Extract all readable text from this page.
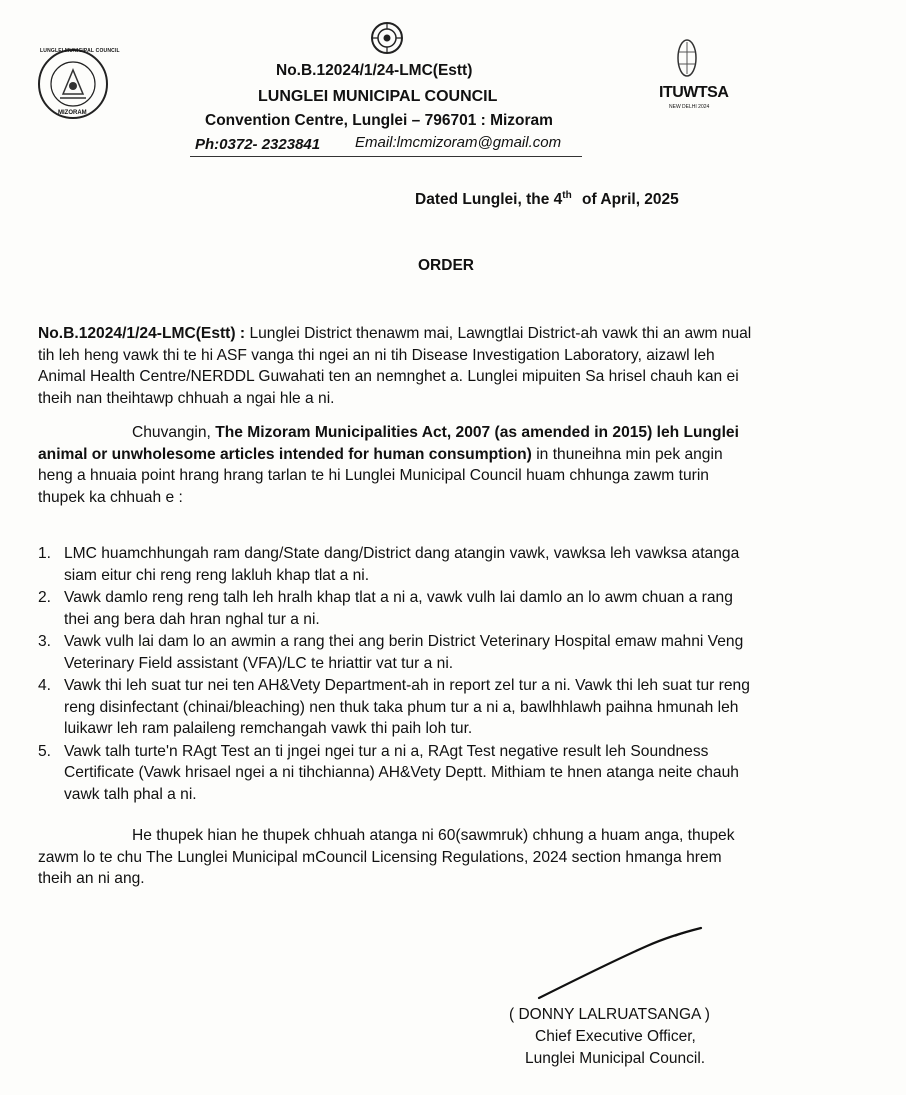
LUNGLEI MUNICIPAL COUNCIL
MIZORAM
ITUWTSA
NEW DELHI 2024
No.B.12024/1/24-LMC(Estt)
LUNGLEI MUNICIPAL COUNCIL
Convention Centre, Lunglei – 796701 : Mizoram
Ph:0372- 2323841 Email:lmcmizoram@gmail.com
Dated Lunglei, the 4th of April, 2025
ORDER
No.B.12024/1/24-LMC(Estt) : Lunglei District thenawm mai, Lawngtlai District-ah vawk thi an awm nual
tih leh heng vawk thi te hi ASF vanga thi ngei an ni tih Disease Investigation Laboratory, aizawl leh
Animal Health Centre/NERDDL Guwahati ten an nemnghet a. Lunglei mipuiten Sa hrisel chauh kan ei
theih nan theihtawp chhuah a ngai hle a ni.
Chuvangin, The Mizoram Municipalities Act, 2007 (as amended in 2015) leh Lunglei
animal or unwholesome articles intended for human consumption) in thuneihna min pek angin
heng a hnuaia point hrang hrang tarlan te hi Lunglei Municipal Council huam chhunga zawm turin
thupek ka chhuah e :
1. LMC huamchhungah ram dang/State dang/District dang atangin vawk, vawksa leh vawksa atanga
siam eitur chi reng reng lakluh khap tlat a ni.
2. Vawk damlo reng reng talh leh hralh khap tlat a ni a, vawk vulh lai damlo an lo awm chuan a rang
thei ang bera dah hran nghal tur a ni.
3. Vawk vulh lai dam lo an awmin a rang thei ang berin District Veterinary Hospital emaw mahni Veng
Veterinary Field assistant (VFA)/LC te hriattir vat tur a ni.
4. Vawk thi leh suat tur nei ten AH&Vety Department-ah in report zel tur a ni. Vawk thi leh suat tur reng
reng disinfectant (chinai/bleaching) nen thuk taka phum tur a ni a, bawlhhlawh paihna hmunah leh
luikawr leh ram palaileng remchangah vawk thi paih loh tur.
5. Vawk talh turte'n RAgt Test an ti jngei ngei tur a ni a, RAgt Test negative result leh Soundness
Certificate (Vawk hrisael ngei a ni tihchianna) AH&Vety Deptt. Mithiam te hnen atanga neite chauh
vawk talh phal a ni.
He thupek hian he thupek chhuah atanga ni 60(sawmruk) chhung a huam anga, thupek
zawm lo te chu The Lunglei Municipal mCouncil Licensing Regulations, 2024 section hmanga hrem
theih an ni ang.
( DONNY LALRUATSANGA )
Chief Executive Officer,
Lunglei Municipal Council.
